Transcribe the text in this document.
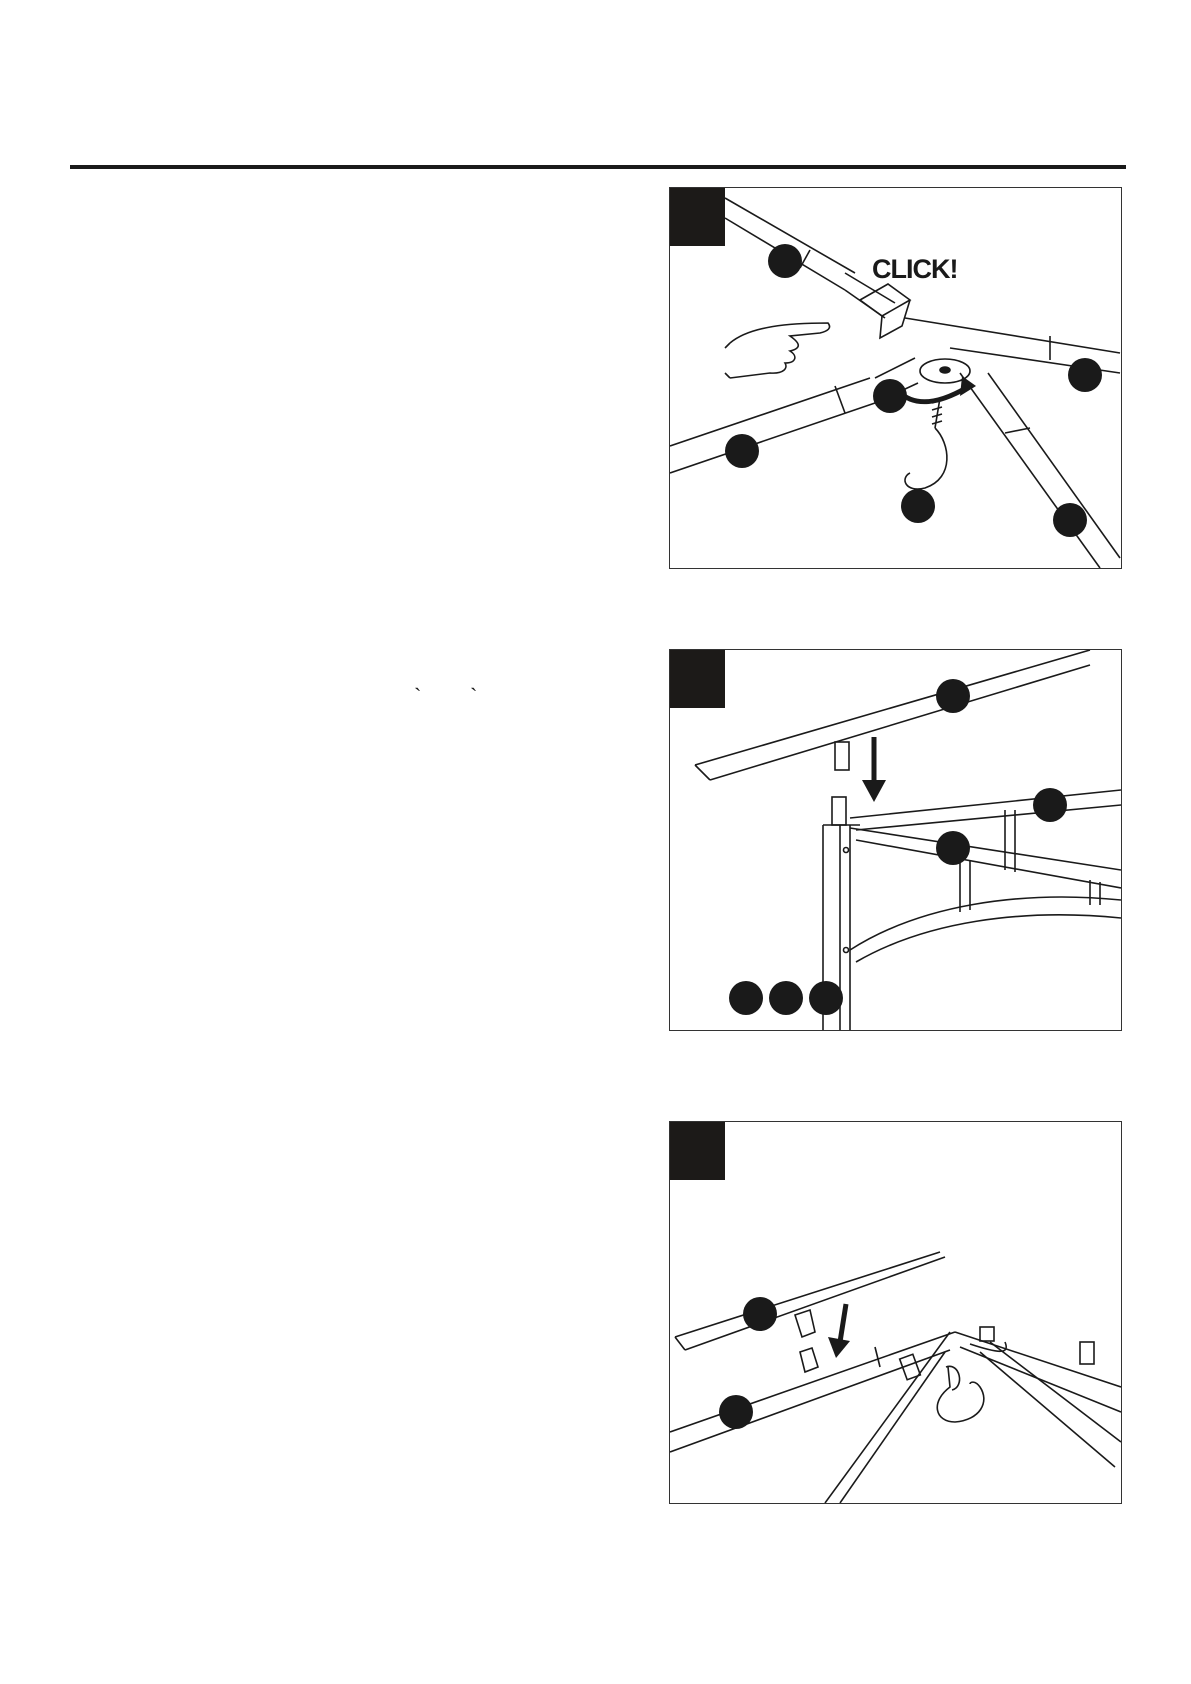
` `
CLICK!
